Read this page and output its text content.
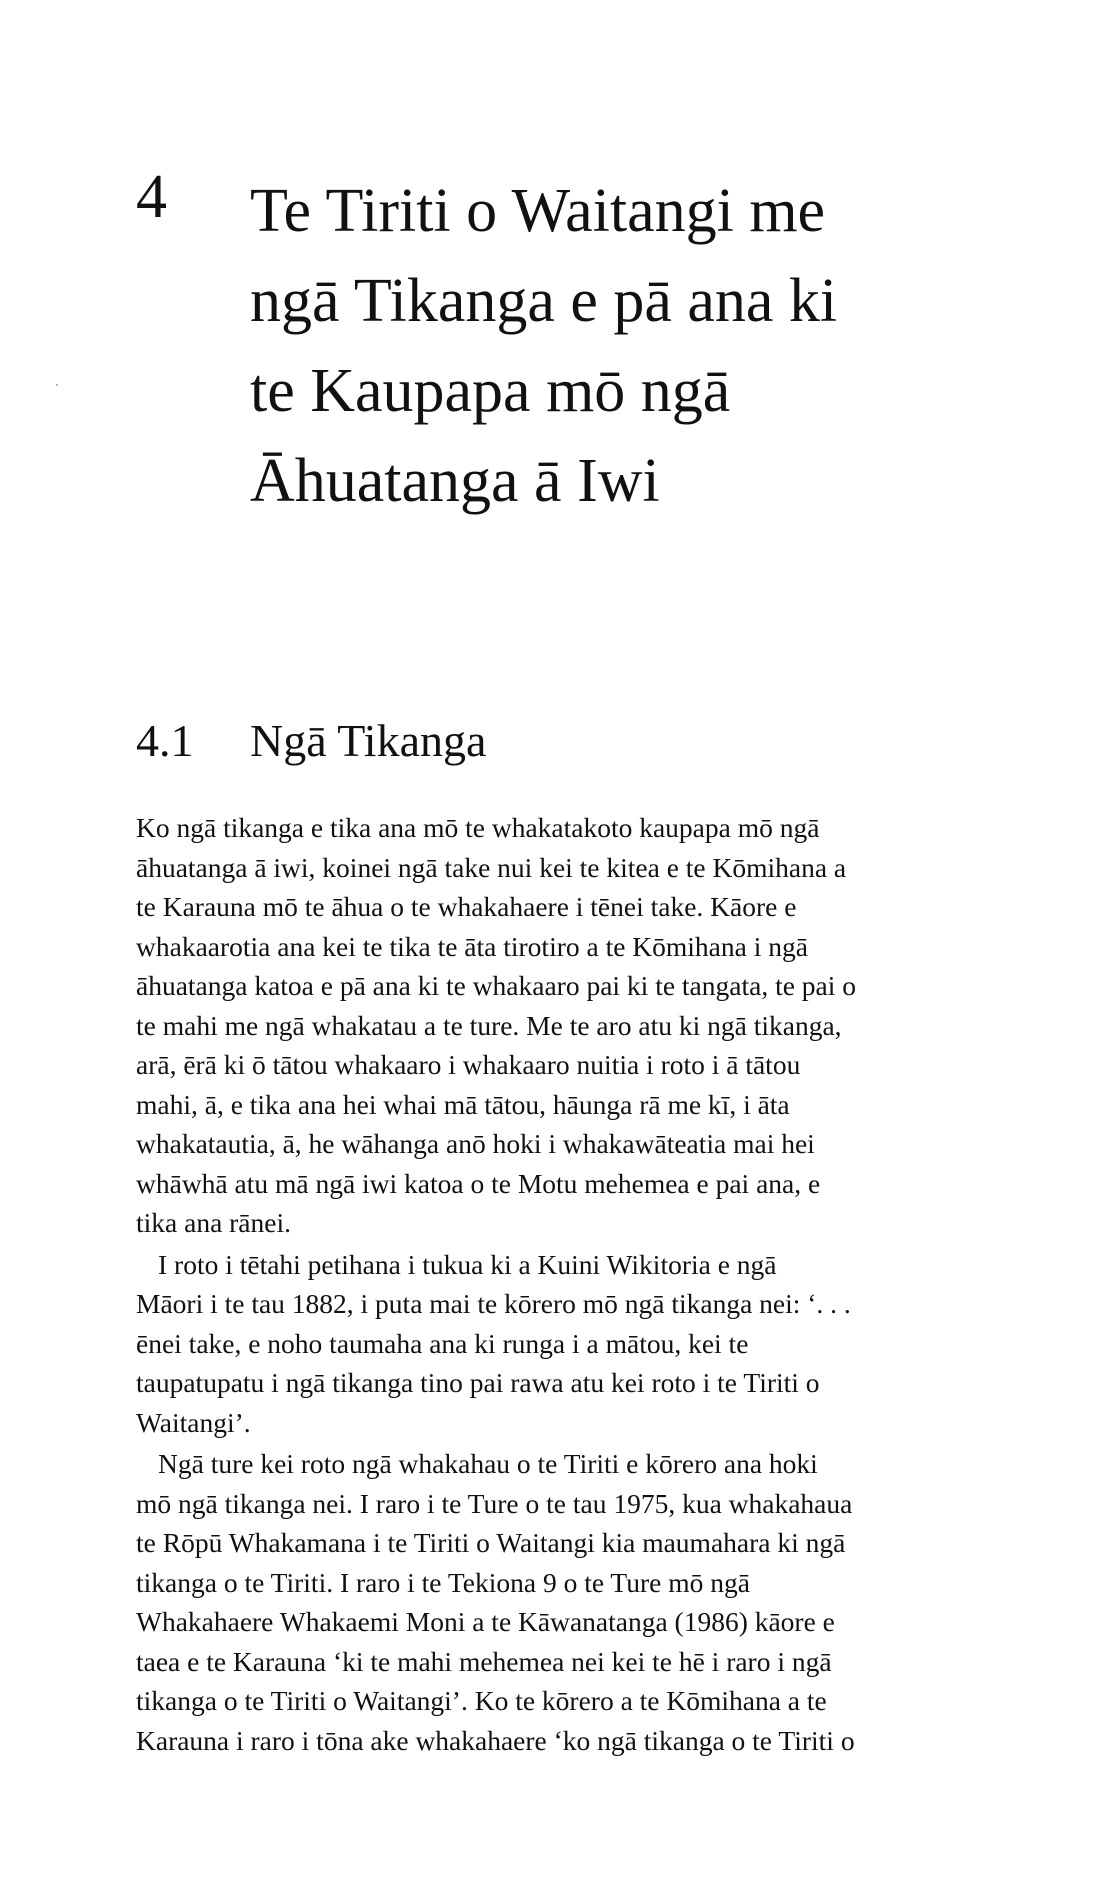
4 Te Tiriti o Waitangi me
ngā Tikanga e pā ana ki
te Kaupapa mō ngā
Āhuatanga ā Iwi
4.1 Ngā Tikanga

Ko ngā tikanga e tika ana mō te whakatakoto kaupapa mō ngā
āhuatanga ā iwi, koinei ngā take nui kei te kitea e te Kōmihana a
te Karauna mō te āhua o te whakahaere i tēnei take. Kāore e
whakaarotia ana kei te tika te āta tirotiro a te Kōmihana i ngā
āhuatanga katoa e pā ana ki te whakaaro pai ki te tangata, te pai o
te mahi me ngā whakatau a te ture. Me te aro atu ki ngā tikanga,
arā, ērā ki ō tātou whakaaro i whakaaro nuitia i roto i ā tātou
mahi, ā, e tika ana hei whai mā tātou, hāunga rā me kī, i āta
whakatautia, ā, he wāhanga anō hoki i whakawāteatia mai hei
whāwhā atu mā ngā iwi katoa o te Motu mehemea e pai ana, e
tika ana rānei.

I roto i tētahi petihana i tukua ki a Kuini Wikitoria e ngā
Māori i te tau 1882, i puta mai te kōrero mō ngā tikanga nei: ‘. . .
ēnei take, e noho taumaha ana ki runga i a mātou, kei te
taupatupatu i ngā tikanga tino pai rawa atu kei roto i te Tiriti o
Waitangi’.

Ngā ture kei roto ngā whakahau o te Tiriti e kōrero ana hoki
mō ngā tikanga nei. I raro i te Ture o te tau 1975, kua whakahaua
te Rōpū Whakamana i te Tiriti o Waitangi kia maumahara ki ngā
tikanga o te Tiriti. I raro i te Tekiona 9 o te Ture mō ngā
Whakahaere Whakaemi Moni a te Kāwanatanga (1986) kāore e
taea e te Karauna ‘ki te mahi mehemea nei kei te hē i raro i ngā
tikanga o te Tiriti o Waitangi’. Ko te kōrero a te Kōmihana a te
Karauna i raro i tōna ake whakahaere ‘ko ngā tikanga o te Tiriti o
